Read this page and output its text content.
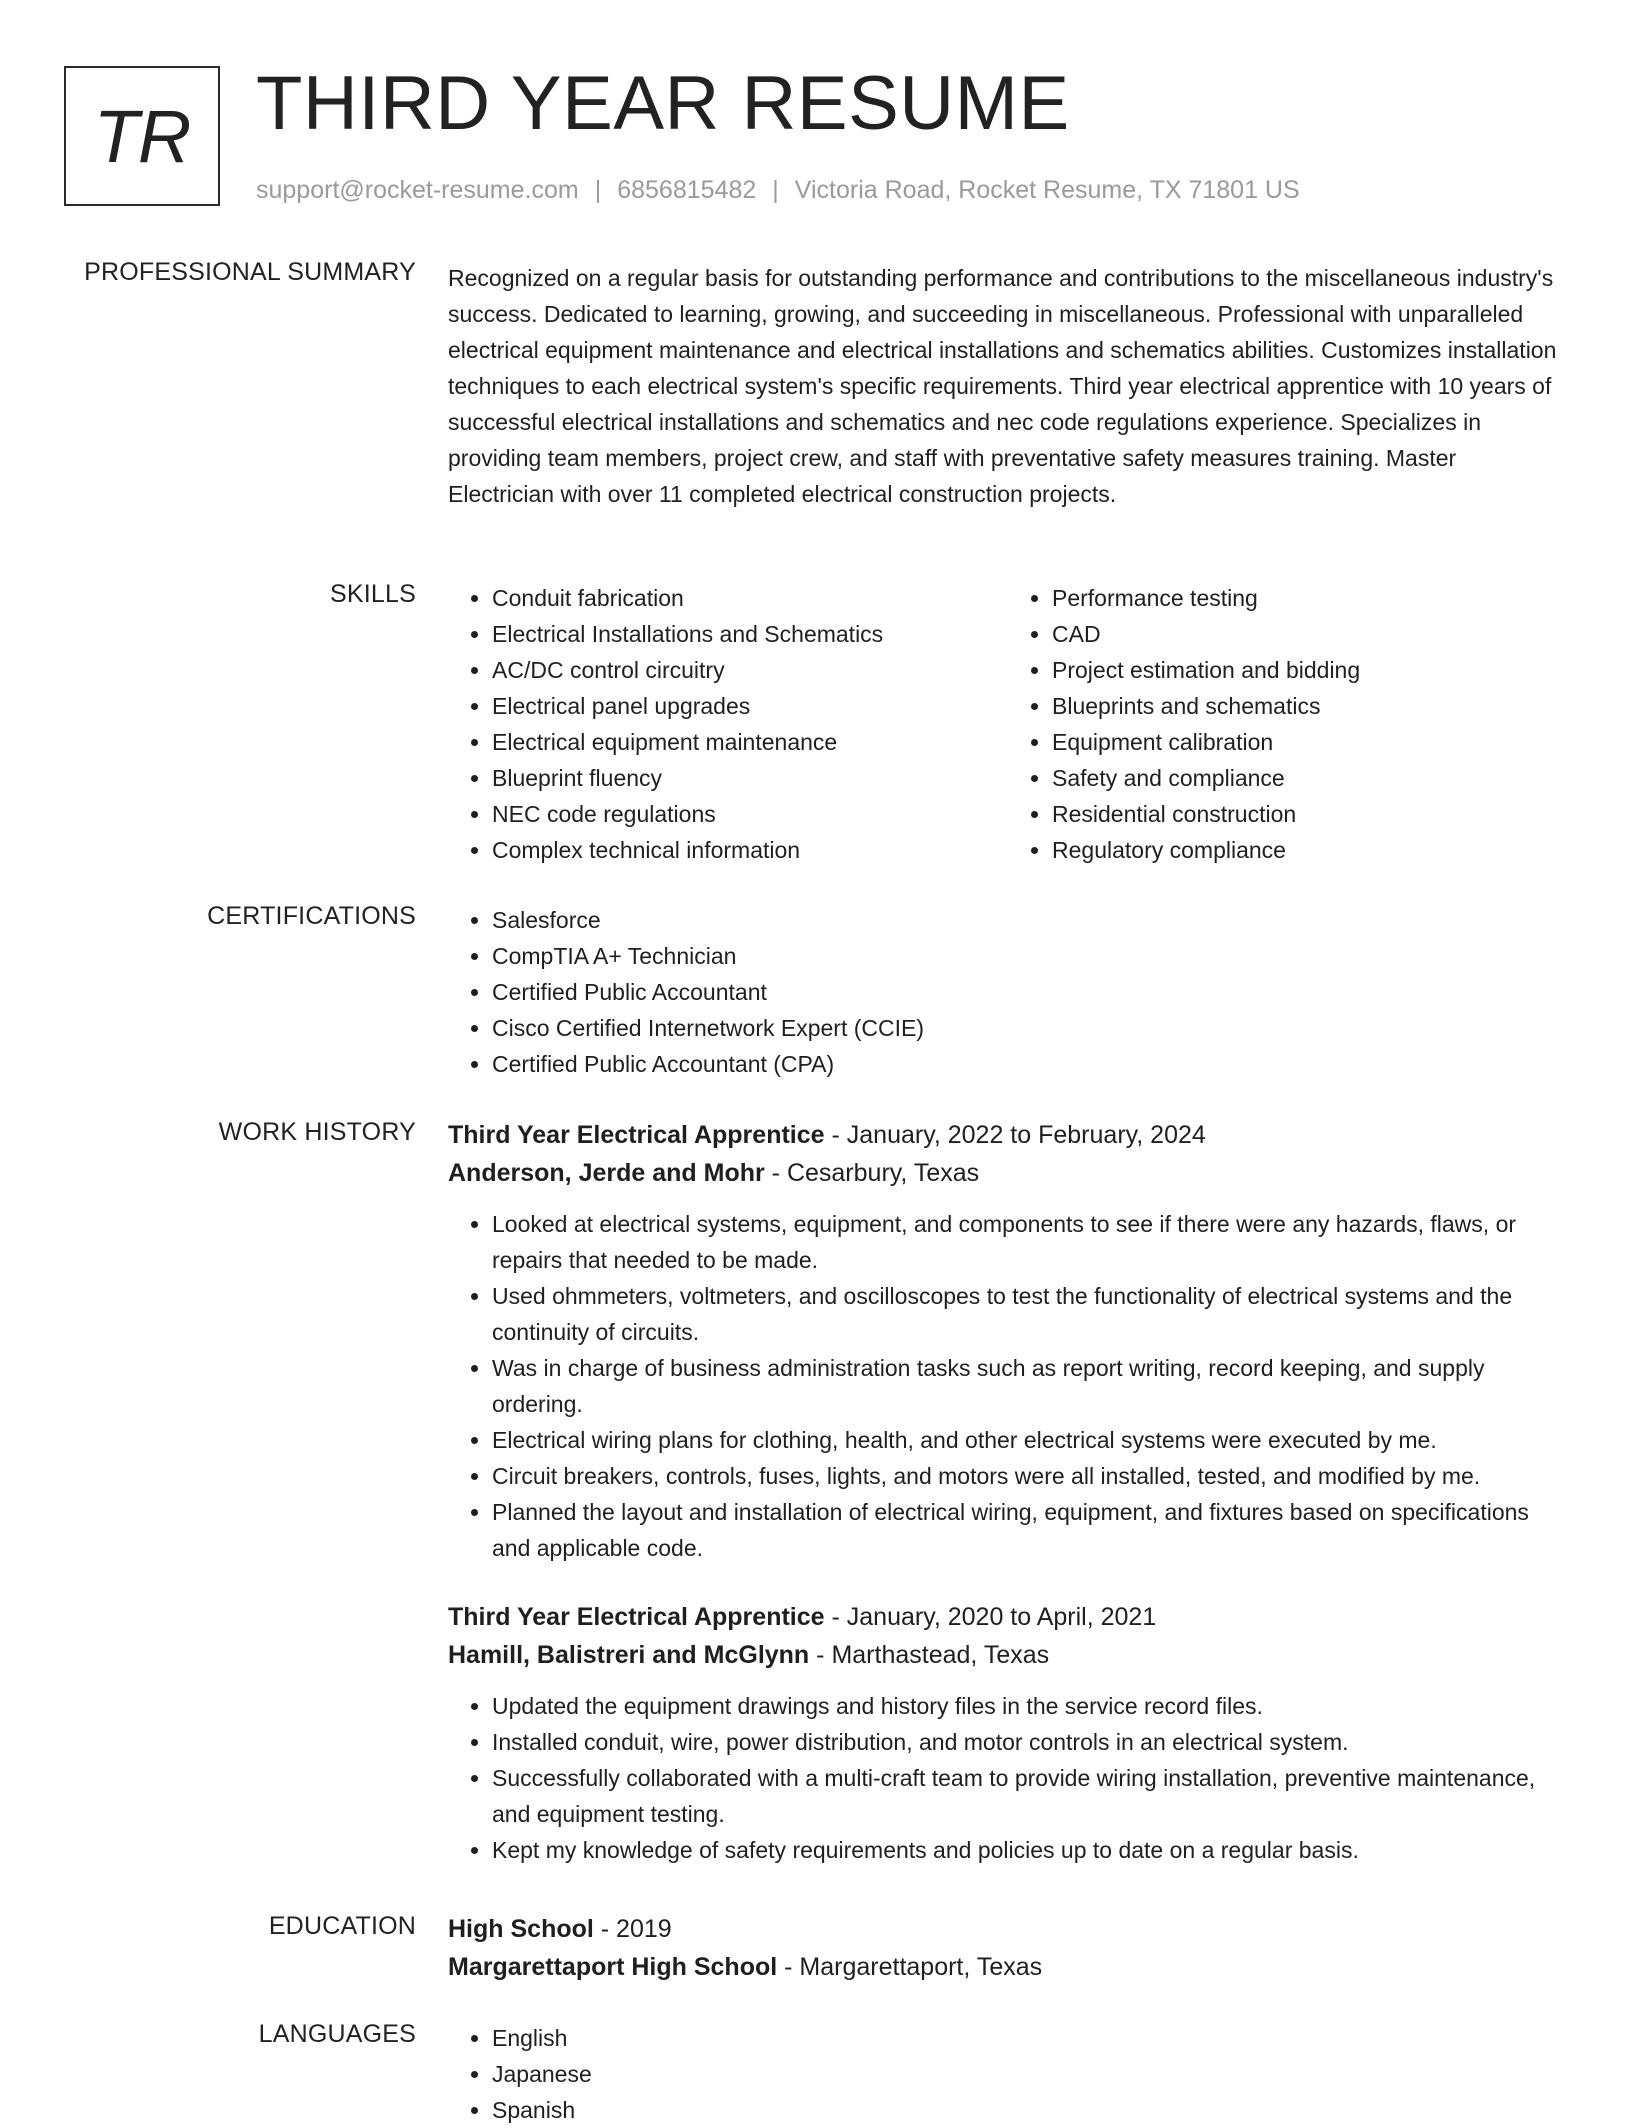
TR THIRD YEAR RESUME
support@rocket-resume.com | 6856815482 | Victoria Road, Rocket Resume, TX 71801 US
PROFESSIONAL SUMMARY Recognized on a regular basis for outstanding performance and contributions to the miscellaneous industry's success. Dedicated to learning, growing, and succeeding in miscellaneous. Professional with unparalleled electrical equipment maintenance and electrical installations and schematics abilities. Customizes installation techniques to each electrical system's specific requirements. Third year electrical apprentice with 10 years of successful electrical installations and schematics and nec code regulations experience. Specializes in providing team members, project crew, and staff with preventative safety measures training. Master Electrician with over 11 completed electrical construction projects.

SKILLS	• Conduit fabrication
• Electrical Installations and Schematics
• AC/DC control circuitry
• Electrical panel upgrades
• Electrical equipment maintenance
• Blueprint fluency
• NEC code regulations
• Complex technical information
• Performance testing
• CAD
• Project estimation and bidding
• Blueprints and schematics
• Equipment calibration
• Safety and compliance
• Residential construction
• Regulatory compliance
CERTIFICATIONS	• Salesforce
• CompTIA A+ Technician
• Certified Public Accountant
• Cisco Certified Internetwork Expert (CCIE)
• Certified Public Accountant (CPA)
WORK HISTORY Third Year Electrical Apprentice - January, 2022 to February, 2024
Anderson, Jerde and Mohr - Cesarbury, Texas
• Looked at electrical systems, equipment, and components to see if there were any hazards, flaws, or repairs that needed to be made.
• Used ohmmeters, voltmeters, and oscilloscopes to test the functionality of electrical systems and the continuity of circuits.
• Was in charge of business administration tasks such as report writing, record keeping, and supply ordering.
• Electrical wiring plans for clothing, health, and other electrical systems were executed by me.
• Circuit breakers, controls, fuses, lights, and motors were all installed, tested, and modified by me.
• Planned the layout and installation of electrical wiring, equipment, and fixtures based on specifications and applicable code.
Third Year Electrical Apprentice - January, 2020 to April, 2021
Hamill, Balistreri and McGlynn - Marthastead, Texas
• Updated the equipment drawings and history files in the service record files.
• Installed conduit, wire, power distribution, and motor controls in an electrical system.
• Successfully collaborated with a multi-craft team to provide wiring installation, preventive maintenance, and equipment testing.
• Kept my knowledge of safety requirements and policies up to date on a regular basis.
EDUCATION High School - 2019
Margarettaport High School - Margarettaport, Texas
LANGUAGES	• English
• Japanese
• Spanish
